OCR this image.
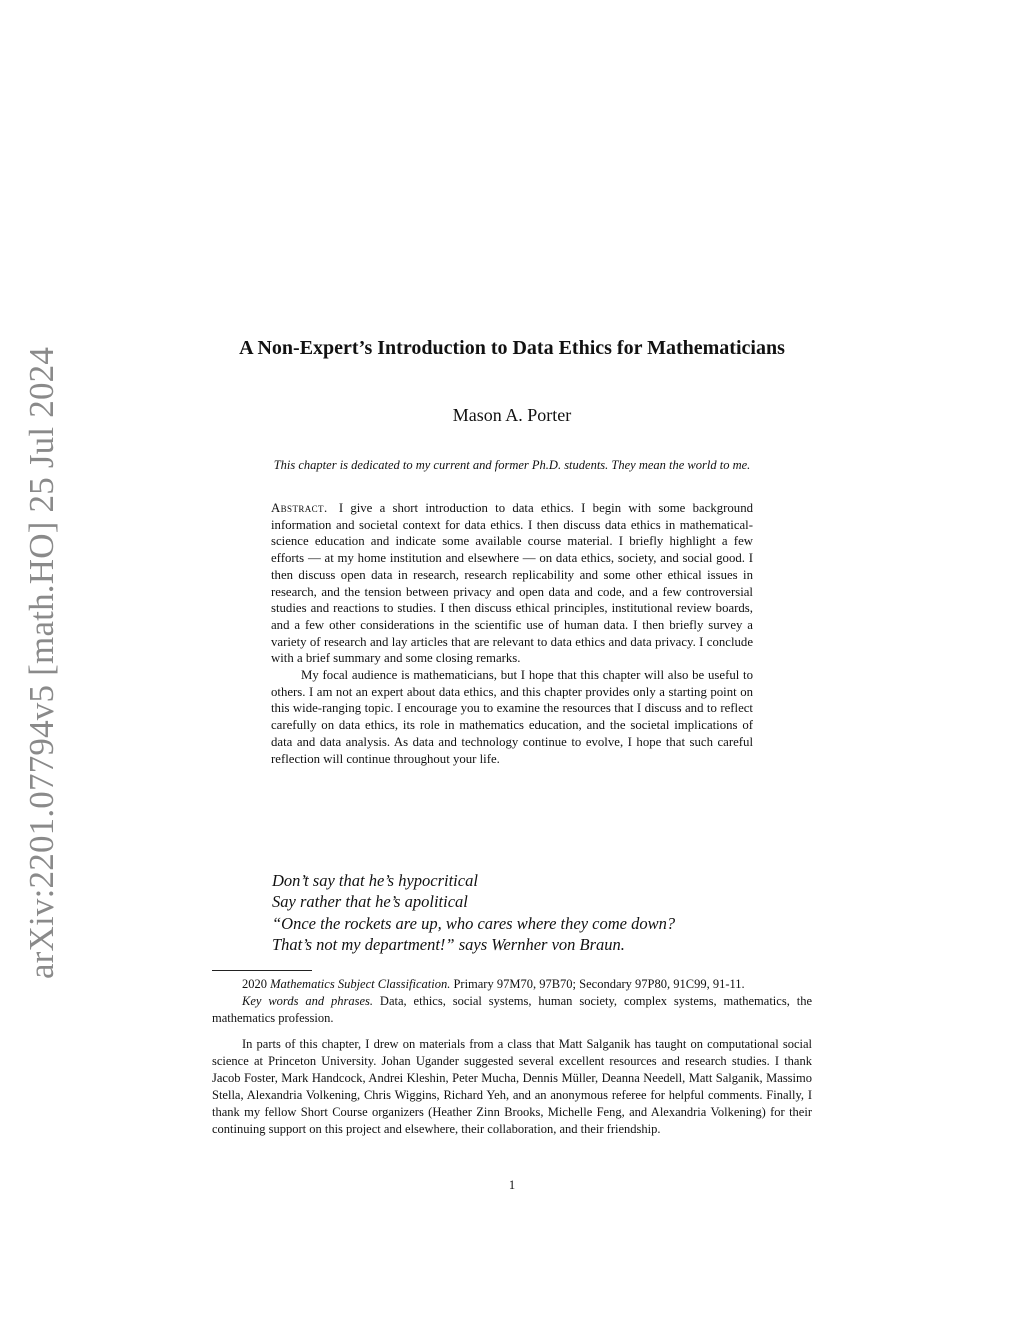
arXiv:2201.07794v5 [math.HO] 25 Jul 2024	A Non-Expert’s Introduction to Data Ethics for Mathematicians
Mason A. Porter
This chapter is dedicated to my current and former Ph.D. students. They mean the world to me.

Abstract. I give a short introduction to data ethics. I begin with some background information and societal context for data ethics. I then discuss data ethics in mathematical-science education and indicate some available course material. I briefly highlight a few efforts — at my home institution and elsewhere — on data ethics, society, and social good. I then discuss open data in research, research replicability and some other ethical issues in research, and the tension between privacy and open data and code, and a few controversial studies and reactions to studies. I then discuss ethical principles, institutional review boards, and a few other considerations in the scientific use of human data. I then briefly survey a variety of research and lay articles that are relevant to data ethics and data privacy. I conclude with a brief summary and some closing remarks.

My focal audience is mathematicians, but I hope that this chapter will also be useful to others. I am not an expert about data ethics, and this chapter provides only a starting point on this wide-ranging topic. I encourage you to examine the resources that I discuss and to reflect carefully on data ethics, its role in mathematics education, and the societal implications of data and data analysis. As data and technology continue to evolve, I hope that such careful reflection will continue throughout your life.

Don’t say that he’s hypocritical
Say rather that he’s apolitical
“Once the rockets are up, who cares where they come down?
That’s not my department!” says Wernher von Braun.

2020 Mathematics Subject Classification. Primary 97M70, 97B70; Secondary 97P80, 91C99, 91-11.

Key words and phrases. Data, ethics, social systems, human society, complex systems, mathematics, the mathematics profession.

In parts of this chapter, I drew on materials from a class that Matt Salganik has taught on computational social science at Princeton University. Johan Ugander suggested several excellent resources and research studies. I thank Jacob Foster, Mark Handcock, Andrei Kleshin, Peter Mucha, Dennis Müller, Deanna Needell, Matt Salganik, Massimo Stella, Alexandria Volkening, Chris Wiggins, Richard Yeh, and an anonymous referee for helpful comments. Finally, I thank my fellow Short Course organizers (Heather Zinn Brooks, Michelle Feng, and Alexandria Volkening) for their continuing support on this project and elsewhere, their collaboration, and their friendship.

1
